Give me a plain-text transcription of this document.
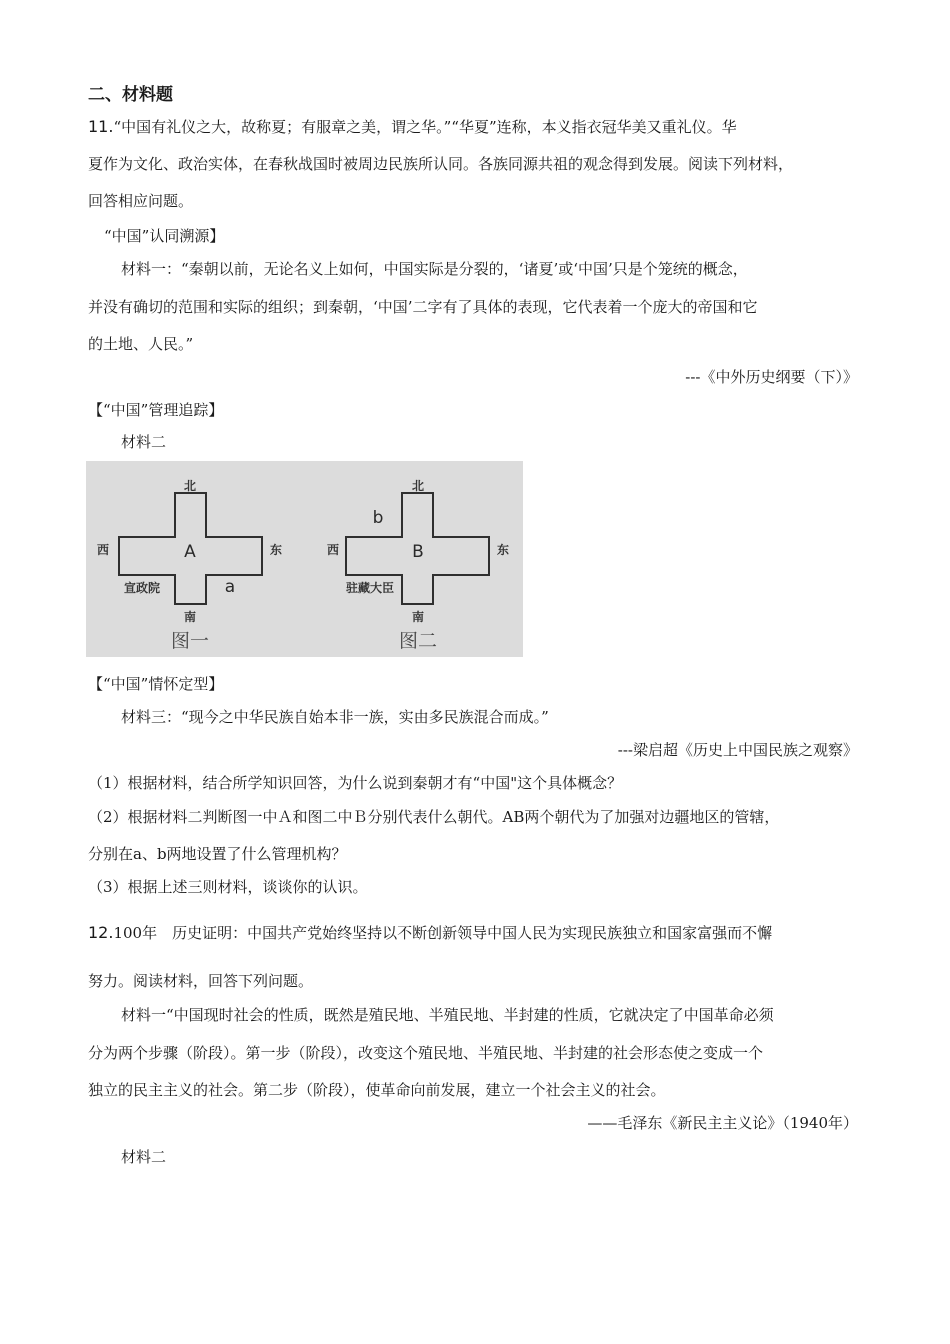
二、材料题
11.“中国有礼仪之大，故称夏；有服章之美，谓之华。”“华夏”连称，本义指衣冠华美又重礼仪。华
夏作为文化、政治实体，在春秋战国时被周边民族所认同。各族同源共祖的观念得到发展。阅读下列材料，
回答相应问题。
“中国”认同溯源】
材料一：“秦朝以前，无论名义上如何，中国实际是分裂的，‘诸夏’或‘中国’只是个笼统的概念，
并没有确切的范围和实际的组织；到秦朝，‘中国’二字有了具体的表现，它代表着一个庞大的帝国和它
的土地、人民。”
---《中外历史纲要（下）》
【“中国”管理追踪】
材料二
北
南
西	东
A
a
宣政院
图一
北
南
西	东
B
b
驻藏大臣
图二
【“中国”情怀定型】
材料三：“现今之中华民族自始本非一族，实由多民族混合而成。”
---梁启超《历史上中国民族之观察》
（1）根据材料，结合所学知识回答，为什么说到秦朝才有“中国"这个具体概念？
（2）根据材料二判断图一中Ａ和图二中Ｂ分别代表什么朝代。AB两个朝代为了加强对边疆地区的管辖，
分别在a、b两地设置了什么管理机构？
（3）根据上述三则材料，谈谈你的认识。
12.100年　历史证明：中国共产党始终坚持以不断创新领导中国人民为实现民族独立和国家富强而不懈
努力。阅读材料，回答下列问题。
材料一“中国现时社会的性质，既然是殖民地、半殖民地、半封建的性质，它就决定了中国革命必须
分为两个步骤（阶段）。第一步（阶段），改变这个殖民地、半殖民地、半封建的社会形态使之变成一个
独立的民主主义的社会。第二步（阶段），使革命向前发展，建立一个社会主义的社会。
——毛泽东《新民主主义论》（1940年）
材料二
